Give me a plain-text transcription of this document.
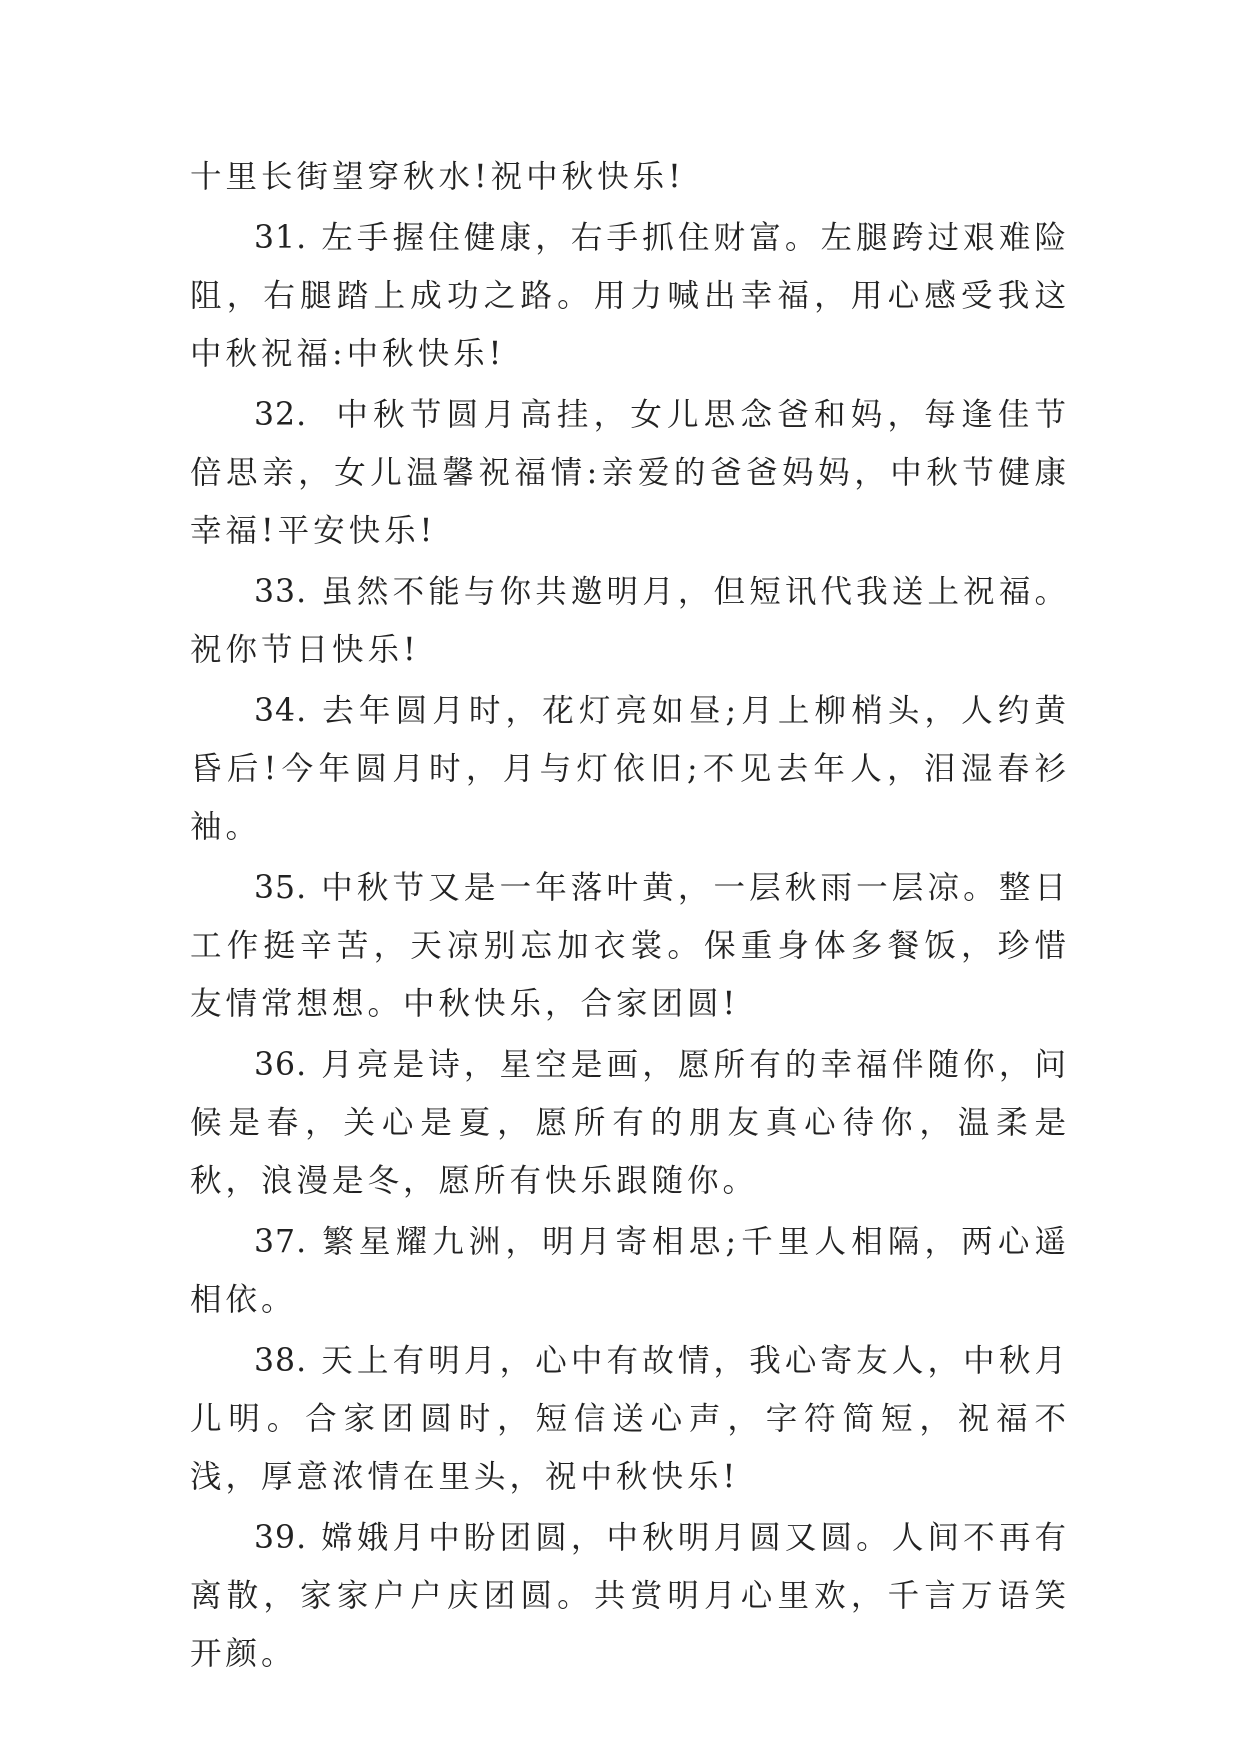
十里长街望穿秋水!祝中秋快乐!

31. 左手握住健康，右手抓住财富。左腿跨过艰难险阻，右腿踏上成功之路。用力喊出幸福，用心感受我这中秋祝福:中秋快乐!

32. 中秋节圆月高挂，女儿思念爸和妈，每逢佳节倍思亲，女儿温馨祝福情:亲爱的爸爸妈妈，中秋节健康幸福!平安快乐!

33. 虽然不能与你共邀明月，但短讯代我送上祝福。祝你节日快乐!

34. 去年圆月时，花灯亮如昼;月上柳梢头，人约黄昏后!今年圆月时，月与灯依旧;不见去年人，泪湿春衫袖。

35. 中秋节又是一年落叶黄，一层秋雨一层凉。整日工作挺辛苦，天凉别忘加衣裳。保重身体多餐饭，珍惜友情常想想。中秋快乐，合家团圆!

36. 月亮是诗，星空是画，愿所有的幸福伴随你，问候是春，关心是夏，愿所有的朋友真心待你，温柔是秋，浪漫是冬，愿所有快乐跟随你。

37. 繁星耀九洲，明月寄相思;千里人相隔，两心遥相依。

38. 天上有明月，心中有故情，我心寄友人，中秋月儿明。合家团圆时，短信送心声，字符简短，祝福不浅，厚意浓情在里头，祝中秋快乐!

39. 嫦娥月中盼团圆，中秋明月圆又圆。人间不再有离散，家家户户庆团圆。共赏明月心里欢，千言万语笑开颜。
